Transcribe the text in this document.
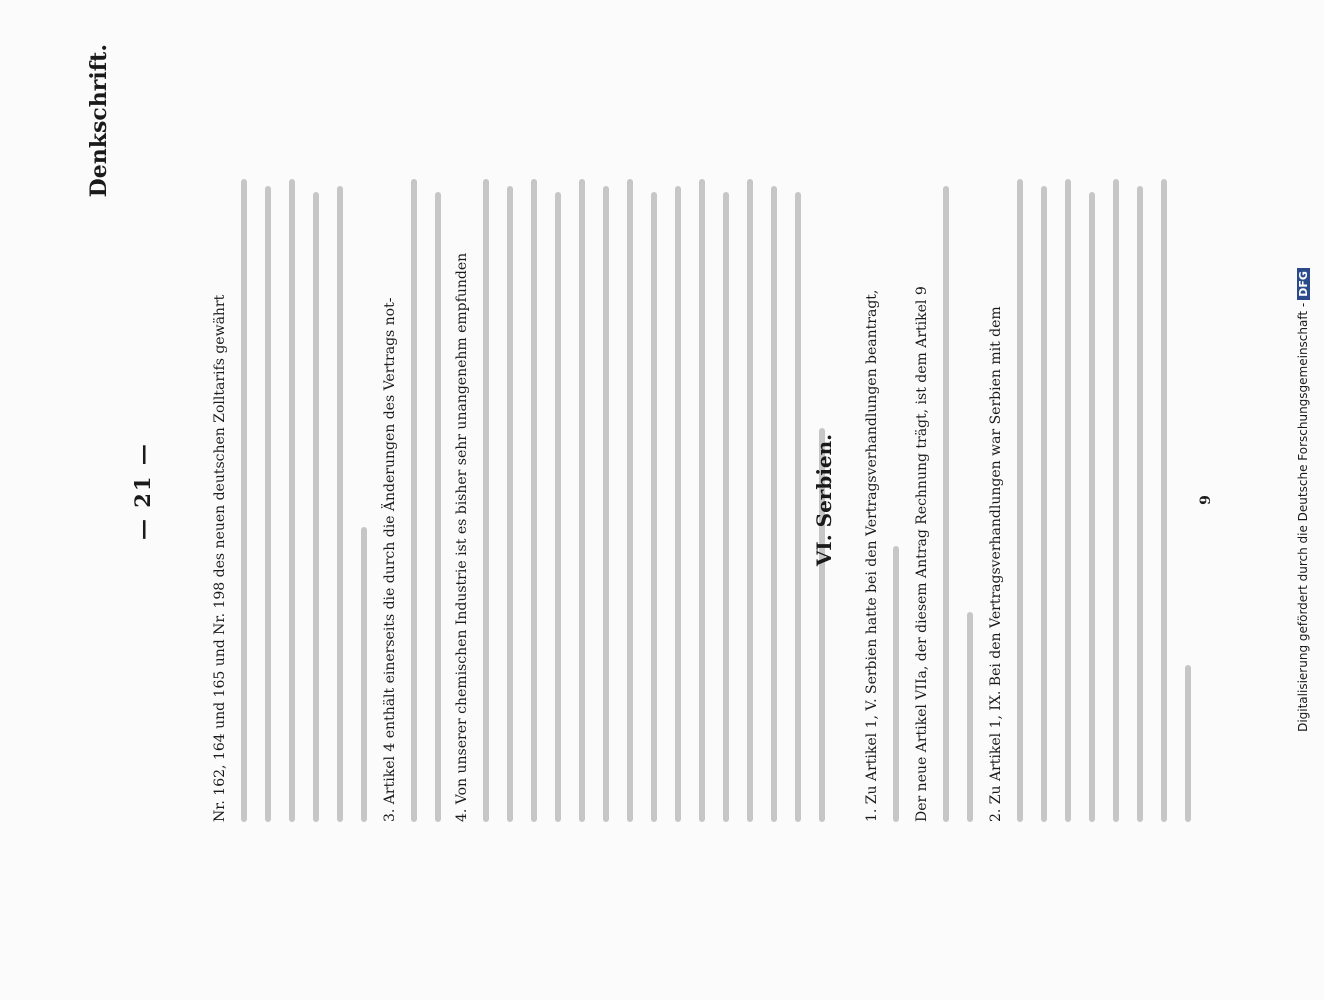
Denkschrift.
— 21 —	Nr. 162, 164 und 165 und Nr. 198 des neuen deutschen Zolltarifs gewährt	3. Artikel 4 enthält einerseits die durch die Änderungen des Vertrags not-	4. Von unserer chemischen Industrie ist es bisher sehr unangenehm empfunden	VI. Serbien. 1. Zu Artikel 1, V. Serbien hatte bei den Vertragsverhandlungen beantragt, Der neue Artikel VIIa, der diesem Antrag Rechnung trägt, ist dem Artikel 9	2. Zu Artikel 1, IX. Bei den Vertragsverhandlungen war Serbien mit dem	9	Digitalisierung gefördert durch die Deutsche Forschungsgemeinschaft -DFG
